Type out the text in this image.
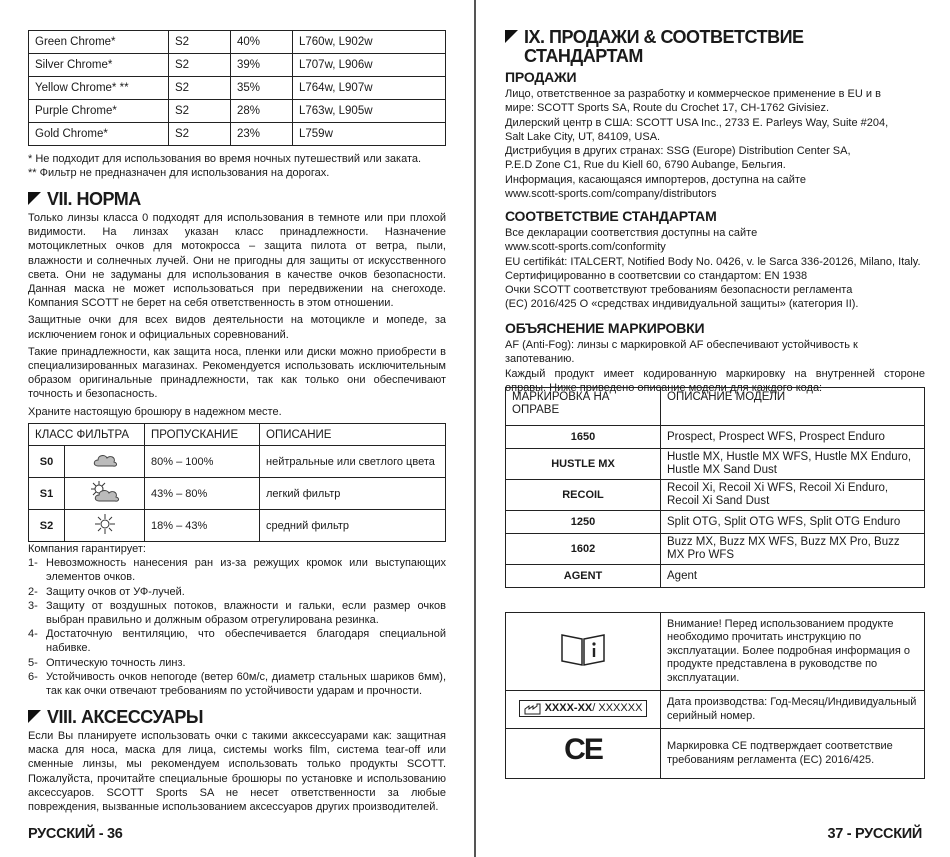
Green Chrome*	S2	40%	L760w, L902w
Silver Chrome*	S2	39%	L707w, L906w
Yellow Chrome* **	S2	35%	L764w, L907w
Purple Chrome*	S2	28%	L763w, L905w
Gold Chrome*	S2	23%	L759w
* Не подходит для использования во время ночных путешествий или заката.
** Фильтр не предназначен для использования на дорогах.
VII. НОРМА

Только линзы класса 0 подходят для использования в темноте или при плохой видимости. На линзах указан класс принадлежности. Назначение мотоциклетных очков для мотокросса – защита пилота от ветра, пыли, влажности и солнечных лучей. Они не пригодны для защиты от искусственного света. Они не задуманы для использования в качестве очков безопасности. Данная маска не может использоваться при передвижении на снегоходе. Компания SCOTT не берет на себя ответственность в этом отношении.

Защитные очки для всех видов деятельности на мотоцикле и мопеде, за исключением гонок и официальных соревнований.

Такие принадлежности, как защита носа, пленки или диски можно приобрести в специализированных магазинах. Рекомендуется использовать исключительным образом оригинальные принадлежности, так как только они обеспечивают точность и безопасность.

Храните настоящую брошюру в надежном месте.

КЛАСС ФИЛЬТРА		ПРОПУСКАНИЕ	ОПИСАНИЕ
S0		80% – 100%	нейтральные или светлого цвета
S1		43% – 80%	легкий фильтр
S2		18% – 43%	средний фильтр
Компания гарантирует:
1- Невозможность нанесения ран из-за режущих кромок или выступающих элементов очков.
2- Защиту очков от УФ-лучей.
3- Защиту от воздушных потоков, влажности и гальки, если размер очков выбран правильно и должным образом отрегулирована резинка.
4- Достаточную вентиляцию, что обеспечивается благодаря специальной набивке.
5- Оптическую точность линз.
6- Устойчивость очков непогоде (ветер 60м/с, диаметр стальных шариков 6мм), так как очки отвечают требованиям по устойчивости ударам и прочности.
VIII. АКСЕССУАРЫ

Если Вы планируете использовать очки с такими акксессуарами как: защитная маска для носа, маска для лица, системы works film, система tear-off или сменные линзы, мы рекомендуем использовать только продукты SCOTT. Пожалуйста, прочитайте специальные брошюры по установке и использованию аксессуаров. SCOTT Sports SA не несет ответственности за любые повреждения, вызванные использованием аксессуаров других производителей.

РУССКИЙ - 36
IX. ПРОДАЖИ & СООТВЕТСТВИЕ
СТАНДАРТАМ
ПРОДАЖИ
Лицо, ответственное за разработку и коммерческое применение в EU и в
мире: SCOTT Sports SA, Route du Crochet 17, CH-1762 Givisiez.
Дилерский центр в США: SCOTT USA Inc., 2733 E. Parleys Way, Suite #204,
Salt Lake City, UT, 84109, USA.
Дистрибуция в других странах: SSG (Europe) Distribution Center SA,
P.E.D Zone C1, Rue du Kiell 60, 6790 Aubange, Бельгия.
Информация, касающаяся импортеров, доступна на сайте
www.scott-sports.com/company/distributors
СООТВЕТСТВИЕ СТАНДАРТАМ
Все декларации соответствия доступны на сайте
www.scott-sports.com/conformity
EU certifikát: ITALCERT, Notified Body No. 0426, v. le Sarca 336-20126, Milano, Italy.
Сертифицированно в соответсвии со стандартом: EN 1938
Очки SCOTT соответствуют требованиям безопасности регламента
(ЕС) 2016/425 О «средствах индивидуальной защиты» (категория II).
ОБЪЯСНЕНИЕ МАРКИРОВКИ
AF (Anti-Fog): линзы с маркировкой AF обеспечивают устойчивость к запотеванию.

Каждый продукт имеет кодированную маркировку на внутренней стороне оправы. Ниже приведено описание модели для каждого кода:

МАРКИРОВКА НА ОПРАВЕ	ОПИСАНИЕ МОДЕЛИ
1650	Prospect, Prospect WFS, Prospect Enduro
HUSTLE MX	Hustle MX, Hustle MX WFS, Hustle MX Enduro, Hustle MX Sand Dust
RECOIL	Recoil Xi, Recoil Xi WFS, Recoil Xi Enduro, Recoil Xi Sand Dust
1250	Split OTG, Split OTG WFS, Split OTG Enduro
1602	Buzz MX, Buzz MX WFS, Buzz MX Pro, Buzz MX Pro WFS
AGENT	Agent
	Внимание! Перед использованием продукте необходимо прочитать инструкцию по эксплуатации. Более подробная информация о продукте представлена в руководстве по эксплуатации.

XXXX-XX / XXXXXX	Дата производства: Год-Месяц/Индивидуальный серийный номер.
CE	Маркировка CE подтверждает соответствие требованиям регламента (ЕС) 2016/425.
37 - РУССКИЙ
